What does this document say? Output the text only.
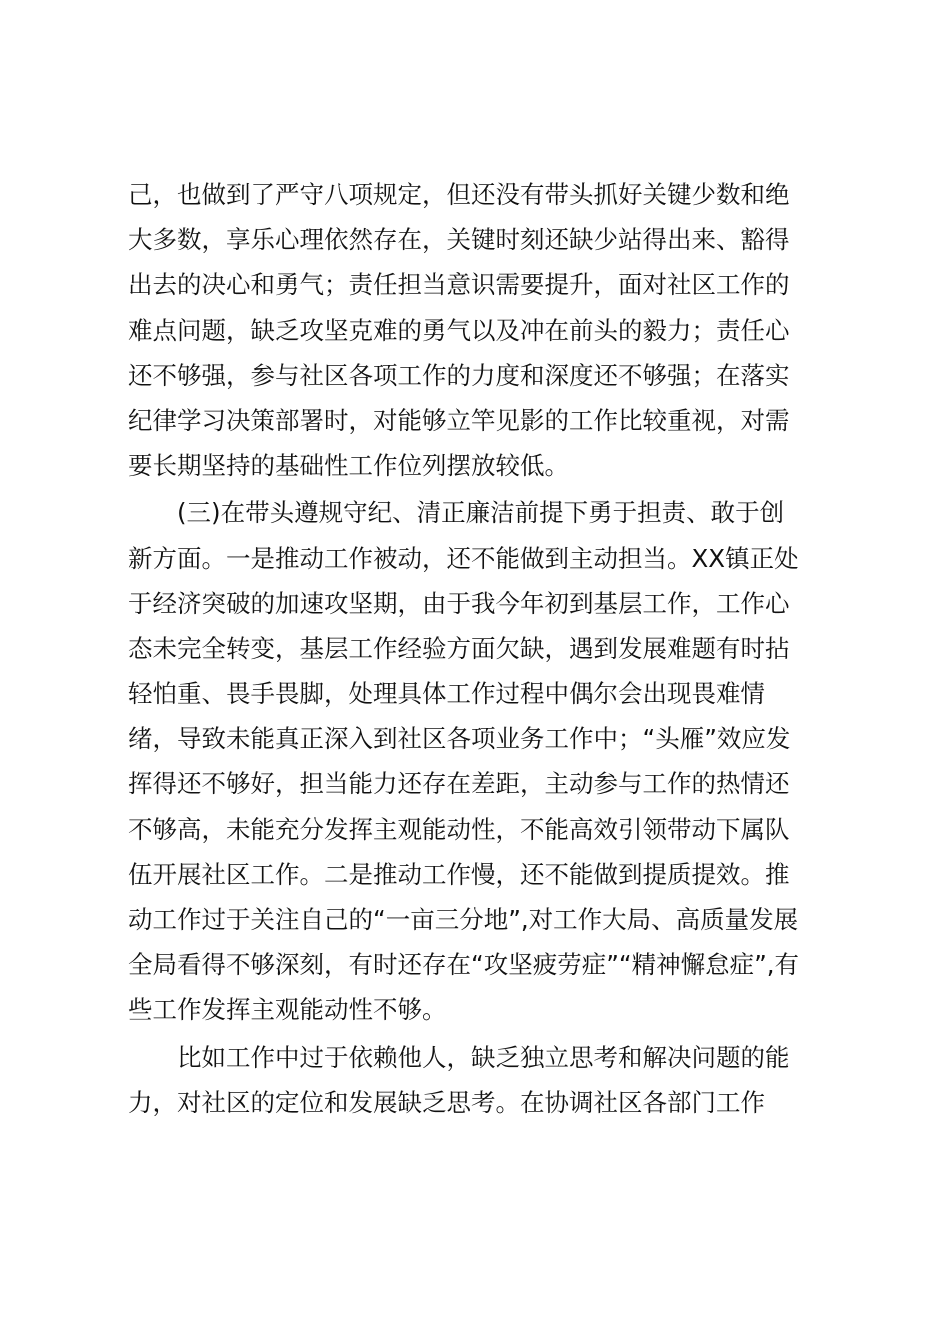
己，也做到了严守八项规定，但还没有带头抓好关键少数和绝
大多数，享乐心理依然存在，关键时刻还缺少站得出来、豁得
出去的决心和勇气；责任担当意识需要提升，面对社区工作的
难点问题，缺乏攻坚克难的勇气以及冲在前头的毅力；责任心
还不够强，参与社区各项工作的力度和深度还不够强；在落实
纪律学习决策部署时，对能够立竿见影的工作比较重视，对需
要长期坚持的基础性工作位列摆放较低。
(三)在带头遵规守纪、清正廉洁前提下勇于担责、敢于创
新方面。一是推动工作被动，还不能做到主动担当。XX镇正处
于经济突破的加速攻坚期，由于我今年初到基层工作，工作心
态未完全转变，基层工作经验方面欠缺，遇到发展难题有时拈
轻怕重、畏手畏脚，处理具体工作过程中偶尔会出现畏难情
绪，导致未能真正深入到社区各项业务工作中；“头雁”效应发
挥得还不够好，担当能力还存在差距，主动参与工作的热情还
不够高，未能充分发挥主观能动性，不能高效引领带动下属队
伍开展社区工作。二是推动工作慢，还不能做到提质提效。推
动工作过于关注自己的“一亩三分地”,对工作大局、高质量发展
全局看得不够深刻，有时还存在“攻坚疲劳症”“精神懈怠症”,有
些工作发挥主观能动性不够。
比如工作中过于依赖他人，缺乏独立思考和解决问题的能
力，对社区的定位和发展缺乏思考。在协调社区各部门工作
